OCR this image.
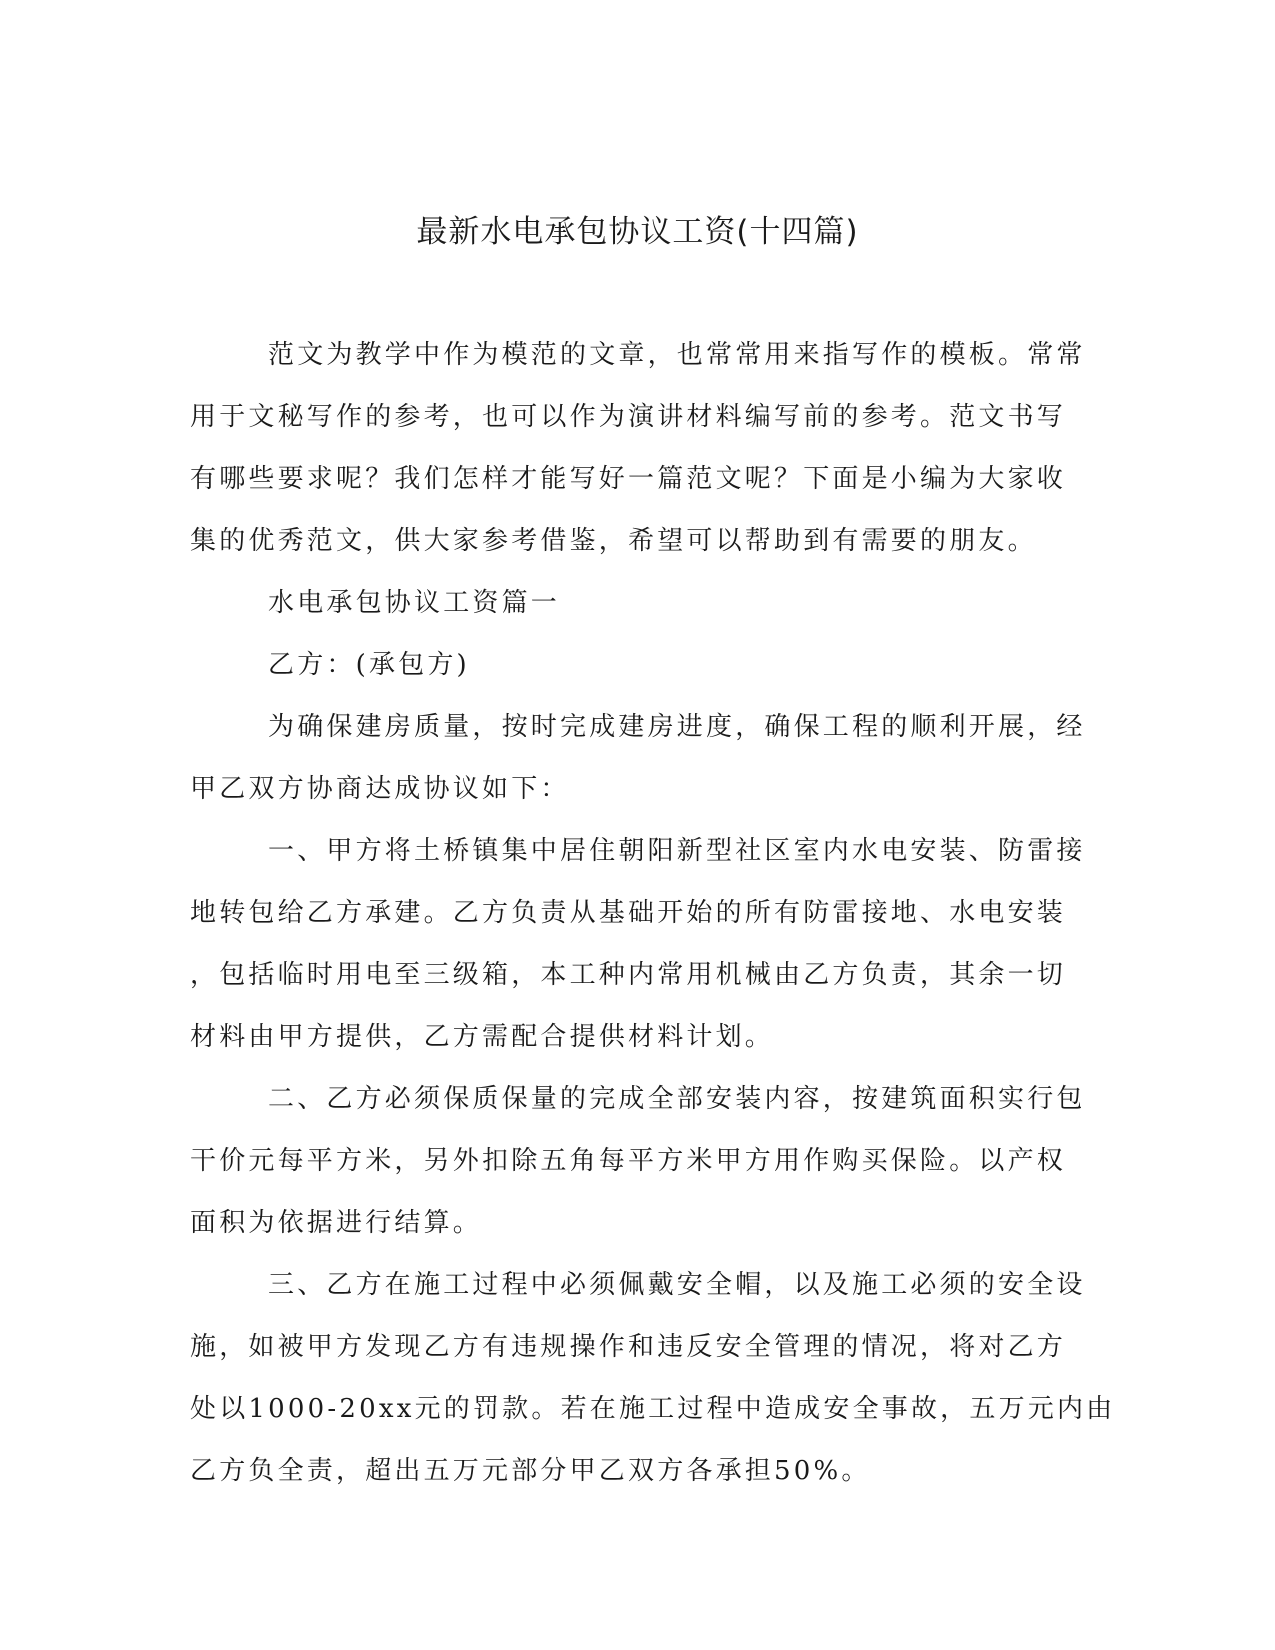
最新水电承包协议工资(十四篇)

范文为教学中作为模范的文章，也常常用来指写作的模板。常常
用于文秘写作的参考，也可以作为演讲材料编写前的参考。范文书写
有哪些要求呢？我们怎样才能写好一篇范文呢？下面是小编为大家收
集的优秀范文，供大家参考借鉴，希望可以帮助到有需要的朋友。

水电承包协议工资篇一

乙方：(承包方)

为确保建房质量，按时完成建房进度，确保工程的顺利开展，经
甲乙双方协商达成协议如下：

一、甲方将土桥镇集中居住朝阳新型社区室内水电安装、防雷接
地转包给乙方承建。乙方负责从基础开始的所有防雷接地、水电安装
，包括临时用电至三级箱，本工种内常用机械由乙方负责，其余一切
材料由甲方提供，乙方需配合提供材料计划。

二、乙方必须保质保量的完成全部安装内容，按建筑面积实行包
干价元每平方米，另外扣除五角每平方米甲方用作购买保险。以产权
面积为依据进行结算。

三、乙方在施工过程中必须佩戴安全帽，以及施工必须的安全设
施，如被甲方发现乙方有违规操作和违反安全管理的情况，将对乙方
处以1000-20xx元的罚款。若在施工过程中造成安全事故，五万元内由
乙方负全责，超出五万元部分甲乙双方各承担50%。
